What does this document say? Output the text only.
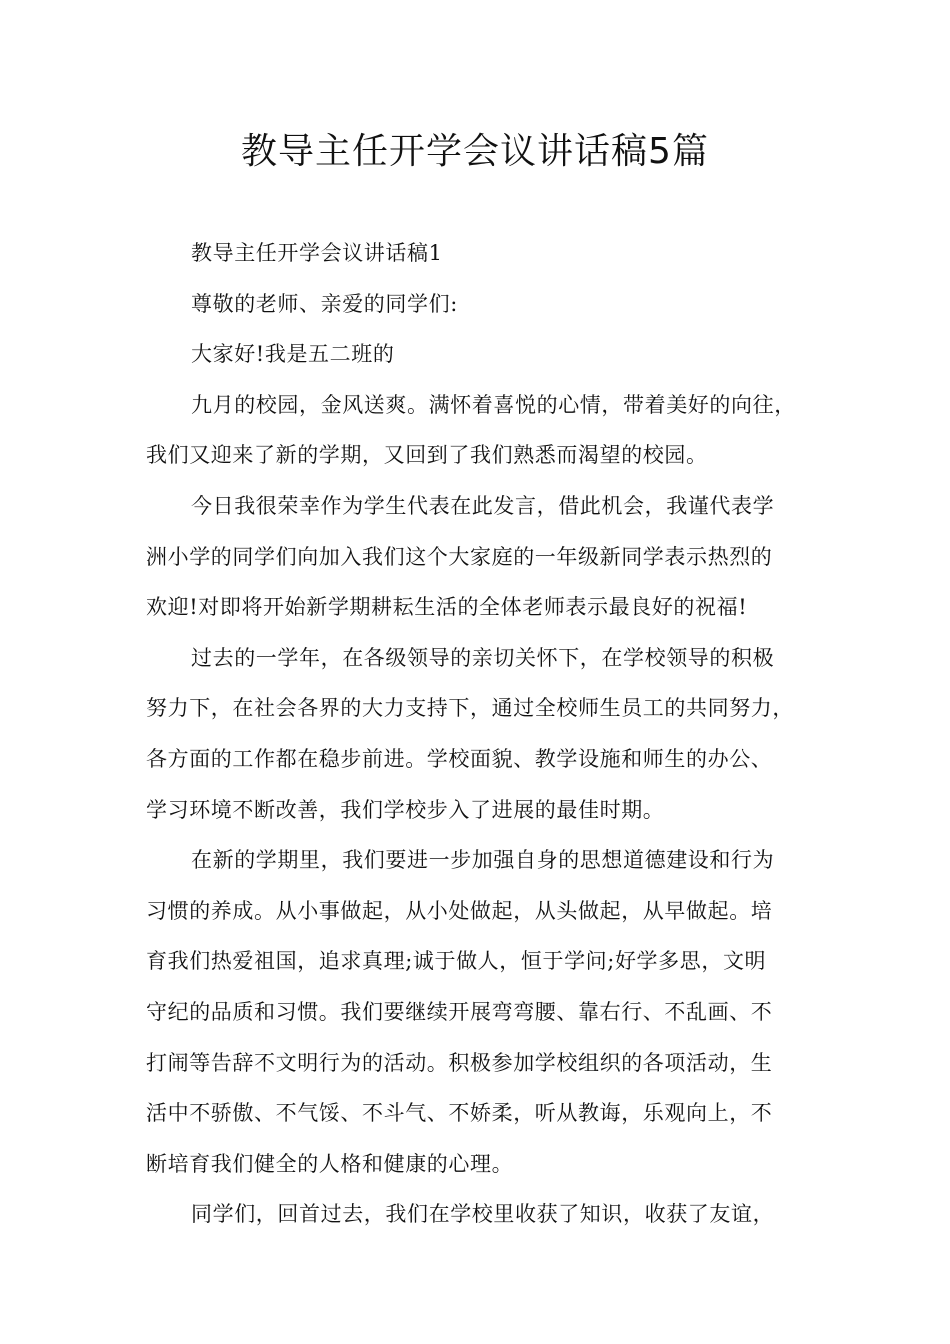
教导主任开学会议讲话稿5篇
教导主任开学会议讲话稿1
尊敬的老师、亲爱的同学们:
大家好!我是五二班的
九月的校园，金风送爽。满怀着喜悦的心情，带着美好的向往，
我们又迎来了新的学期，又回到了我们熟悉而渴望的校园。
今日我很荣幸作为学生代表在此发言，借此机会，我谨代表学
洲小学的同学们向加入我们这个大家庭的一年级新同学表示热烈的
欢迎!对即将开始新学期耕耘生活的全体老师表示最良好的祝福!
过去的一学年，在各级领导的亲切关怀下，在学校领导的积极
努力下，在社会各界的大力支持下，通过全校师生员工的共同努力，
各方面的工作都在稳步前进。学校面貌、教学设施和师生的办公、
学习环境不断改善，我们学校步入了进展的最佳时期。
在新的学期里，我们要进一步加强自身的思想道德建设和行为
习惯的养成。从小事做起，从小处做起，从头做起，从早做起。培
育我们热爱祖国，追求真理;诚于做人，恒于学问;好学多思，文明
守纪的品质和习惯。我们要继续开展弯弯腰、靠右行、不乱画、不
打闹等告辞不文明行为的活动。积极参加学校组织的各项活动，生
活中不骄傲、不气馁、不斗气、不娇柔，听从教诲，乐观向上，不
断培育我们健全的人格和健康的心理。
同学们，回首过去，我们在学校里收获了知识，收获了友谊，
